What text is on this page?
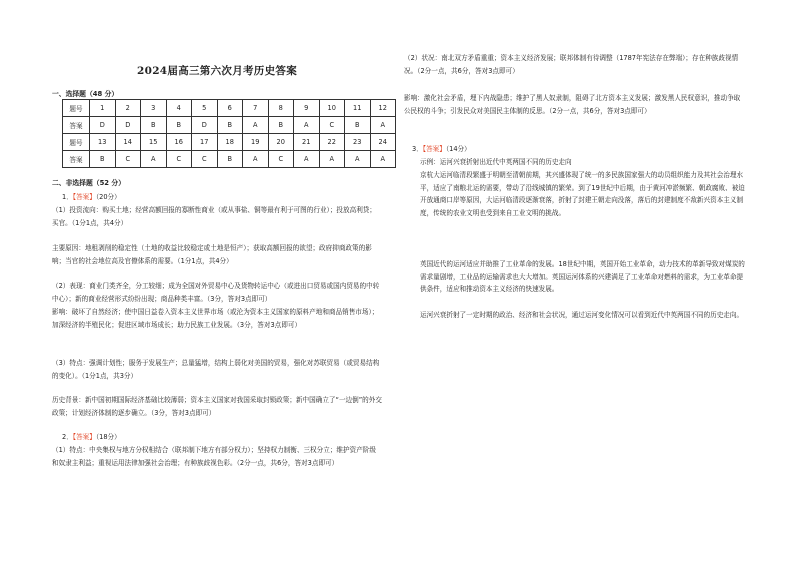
2024届高三第六次月考历史答案
一、选择题（48 分）
题号	1	2	3	4	5	6	7	8	9	10	11	12
答案	D	D	B	B	D	B	A	B	A	C	B	A
题号	13	14	15	16	17	18	19	20	21	22	23	24
答案	B	C	A	C	C	B	A	C	A	A	A	A
二、非选择题（52 分）
1．【答案】（20分）
（1）投资流向：购买土地；经营高额回报的寡断性商业（或从事盐、铜等最有利于可图的行业）；投放高利贷；买官。（1分1点，共4分）
主要原因：地租剥削的稳定性（土地的收益比较稳定或土地是恒产）；获取高额回报的欲望；政府抑商政策的影响；当官的社会地位高及官僚体系的需要。（1分1点，共4分）
（2）表现：商业门类齐全，分工较细；成为全国对外贸易中心及货物转运中心（或进出口贸易或国内贸易的中转中心）；新的商业经营形式纷纷出现；商品种类丰富。（3分，答对3点即可）
影响：破坏了自然经济；使中国日益卷入资本主义世界市场（或沦为资本主义国家的原料产地和商品销售市场）；加深经济的半殖民化；促进区域市场成长；助力民族工业发展。（3分，答对3点即可）
（3）特点：强调计划性；服务于发展生产；总量猛增，结构上弱化对美国的贸易，强化对苏联贸易（或贸易结构的变化）。（1分1点，共3分）
历史背景：新中国初期国际经济基础比较薄弱；资本主义国家对我国采取封锁政策；新中国确立了“一边倒”的外交政策；计划经济体制的逐步确立。（3分，答对3点即可）
2．【答案】（18分）
（1）特点：中央集权与地方分权相结合（联邦制下地方有部分权力）；坚持权力制衡、三权分立；维护资产阶级和奴隶主利益；重视运用法律加强社会治理；有种族歧视色彩。（2分一点，共6分，答对3点即可）
（2）状况：南北双方矛盾重重；资本主义经济发展；联邦体制有待调整（1787年宪法存在弊端）；存在种族歧视情况。（2分一点，共6分，答对3点即可）
影响：激化社会矛盾，埋下内战隐患；维护了黑人奴隶制，阻碍了北方资本主义发展；激发黑人民权意识，推动争取公民权的斗争；引发民众对美国民主体制的反思。（2分一点，共6分，答对3点即可）
3．【答案】（14分）
示例：运河兴衰折射出近代中英两国不同的历史走向
京杭大运河临清段繁盛于明朝至清朝前期，其兴盛体现了统一的多民族国家强大的动员组织能力及其社会治理水平，适应了南粮北运的需要，带动了沿线城镇的繁荣。到了19世纪中后期，由于黄河冲淤频繁、朝政腐败、被迫开放通商口岸等原因，大运河临清段逐渐衰落，折射了封建王朝走向没落，落后的封建制度不敌新兴资本主义制度，传统的农业文明也受到来自工业文明的挑战。
英国近代的运河适应并助推了工业革命的发展。18世纪中期，英国开始工业革命，动力技术的革新导致对煤炭的需求量剧增，工业品的运输需求也大大增加。英国运河体系的兴建满足了工业革命对燃料的需求，为工业革命提供条件，适应和推动资本主义经济的快速发展。
运河兴衰折射了一定时期的政治、经济和社会状况，通过运河变化情况可以看到近代中英两国不同的历史走向。
